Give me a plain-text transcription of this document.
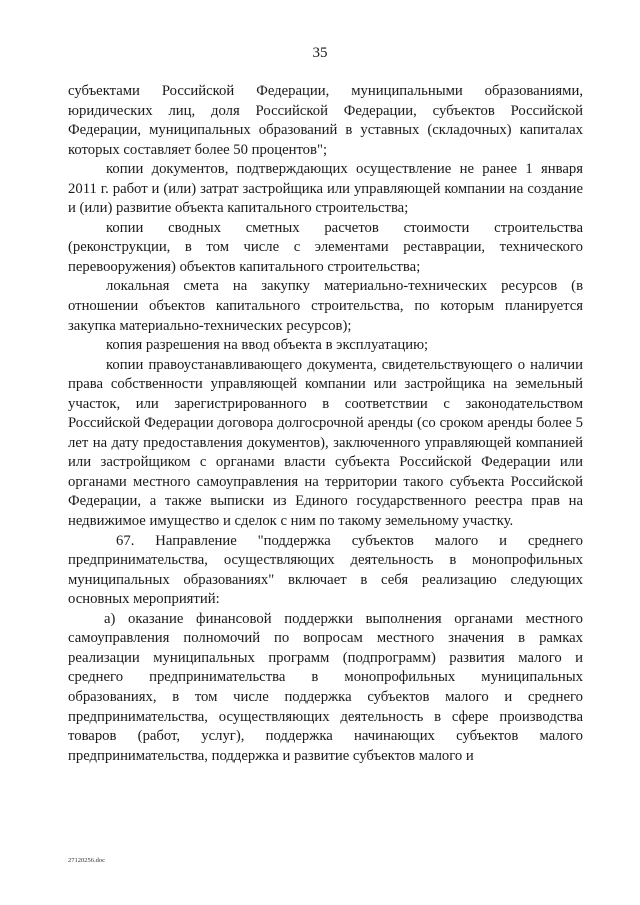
35

субъектами Российской Федерации, муниципальными образованиями, юридических лиц, доля Российской Федерации, субъектов Российской Федерации, муниципальных образований в уставных (складочных) капиталах которых составляет более 50 процентов";

копии документов, подтверждающих осуществление не ранее 1 января 2011 г. работ и (или) затрат застройщика или управляющей компании на создание и (или) развитие объекта капитального строительства;

копии сводных сметных расчетов стоимости строительства (реконструкции, в том числе с элементами реставрации, технического перевооружения) объектов капитального строительства;

локальная смета на закупку материально-технических ресурсов (в отношении объектов капитального строительства, по которым планируется закупка материально-технических ресурсов);

копия разрешения на ввод объекта в эксплуатацию;

копии правоустанавливающего документа, свидетельствующего о наличии права собственности управляющей компании или застройщика на земельный участок, или зарегистрированного в соответствии с законодательством Российской Федерации договора долгосрочной аренды (со сроком аренды более 5 лет на дату предоставления документов), заключенного управляющей компанией или застройщиком с органами власти субъекта Российской Федерации или органами местного самоуправления на территории такого субъекта Российской Федерации, а также выписки из Единого государственного реестра прав на недвижимое имущество и сделок с ним по такому земельному участку.

67. Направление "поддержка субъектов малого и среднего предпринимательства, осуществляющих деятельность в монопрофильных муниципальных образованиях" включает в себя реализацию следующих основных мероприятий:

а) оказание финансовой поддержки выполнения органами местного самоуправления полномочий по вопросам местного значения в рамках реализации муниципальных программ (подпрограмм) развития малого и среднего предпринимательства в монопрофильных муниципальных образованиях, в том числе поддержка субъектов малого и среднего предпринимательства, осуществляющих деятельность в сфере производства товаров (работ, услуг), поддержка начинающих субъектов малого предпринимательства, поддержка и развитие субъектов малого и

27120256.doc
